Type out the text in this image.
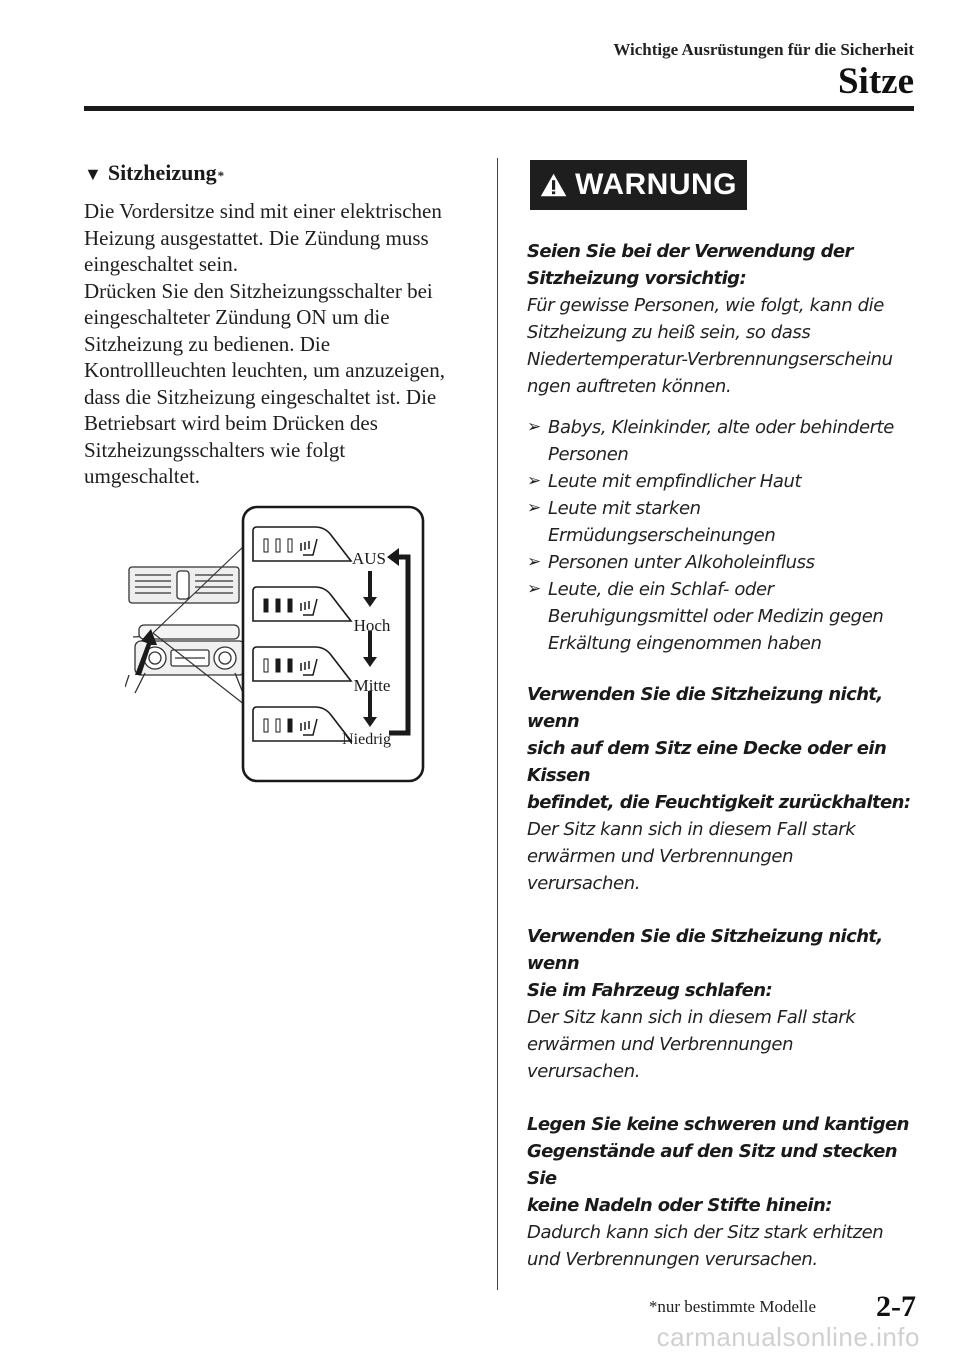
Wichtige Ausrüstungen für die Sicherheit
Sitze
▼ Sitzheizung *
Die Vordersitze sind mit einer elektrischen
Heizung ausgestattet. Die Zündung muss
eingeschaltet sein.
Drücken Sie den Sitzheizungsschalter bei
eingeschalteter Zündung ON um die
Sitzheizung zu bedienen. Die
Kontrollleuchten leuchten, um anzuzeigen,
dass die Sitzheizung eingeschaltet ist. Die
Betriebsart wird beim Drücken des
Sitzheizungsschalters wie folgt
umgeschaltet.
AUS
Hoch
Mitte
Niedrig
WARNUNG
Seien Sie bei der Verwendung der
Sitzheizung vorsichtig:
Für gewisse Personen, wie folgt, kann die
Sitzheizung zu heiß sein, so dass
Niedertemperatur-Verbrennungserscheinu
ngen auftreten können.
➢ Babys, Kleinkinder, alte oder behinderte
Personen
➢ Leute mit empfindlicher Haut
➢ Leute mit starken
Ermüdungserscheinungen
➢ Personen unter Alkoholeinfluss
➢ Leute, die ein Schlaf- oder
Beruhigungsmittel oder Medizin gegen
Erkältung eingenommen haben
Verwenden Sie die Sitzheizung nicht, wenn
sich auf dem Sitz eine Decke oder ein Kissen
befindet, die Feuchtigkeit zurückhalten:
Der Sitz kann sich in diesem Fall stark
erwärmen und Verbrennungen
verursachen.
Verwenden Sie die Sitzheizung nicht, wenn
Sie im Fahrzeug schlafen:
Der Sitz kann sich in diesem Fall stark
erwärmen und Verbrennungen
verursachen.
Legen Sie keine schweren und kantigen
Gegenstände auf den Sitz und stecken Sie
keine Nadeln oder Stifte hinein:
Dadurch kann sich der Sitz stark erhitzen
und Verbrennungen verursachen.
*nur bestimmte Modelle 2-7
carmanualsonline.info
